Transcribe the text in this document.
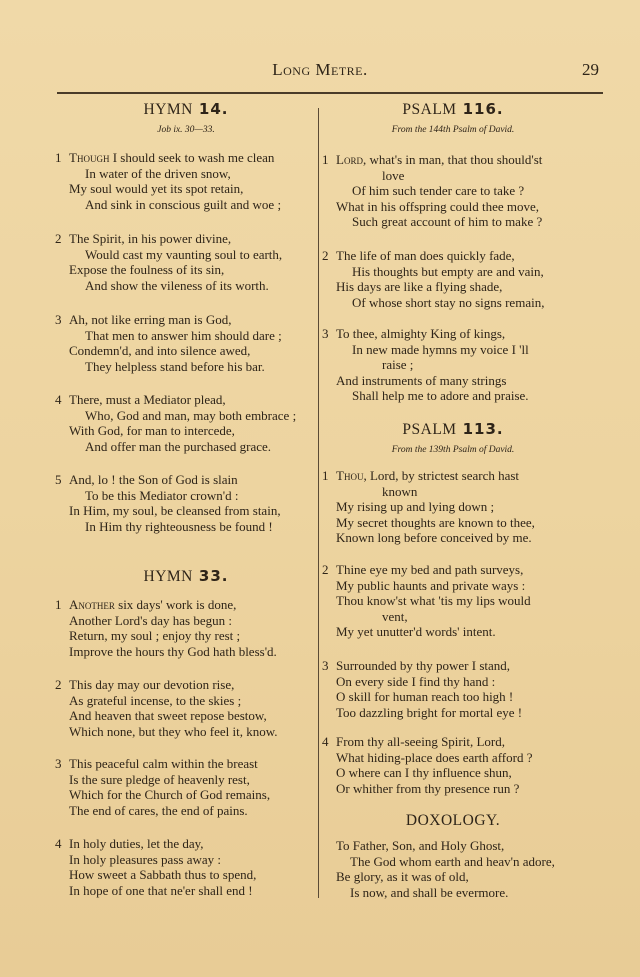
Long Metre.	29

HYMN 14.

Job ix. 30—33.

1 Though I should seek to wash me clean
In water of the driven snow,
My soul would yet its spot retain,
And sink in conscious guilt and woe ;
2 The Spirit, in his power divine,
Would cast my vaunting soul to earth,
Expose the foulness of its sin,
And show the vileness of its worth.
3 Ah, not like erring man is God,
That men to answer him should dare ;
Condemn'd, and into silence awed,
They helpless stand before his bar.
4 There, must a Mediator plead,
Who, God and man, may both embrace ;
With God, for man to intercede,
And offer man the purchased grace.
5 And, lo ! the Son of God is slain
To be this Mediator crown'd :
In Him, my soul, be cleansed from stain,
In Him thy righteousness be found !

HYMN 33.

1 Another six days' work is done,
Another Lord's day has begun :
Return, my soul ; enjoy thy rest ;
Improve the hours thy God hath bless'd.
2 This day may our devotion rise,
As grateful incense, to the skies ;
And heaven that sweet repose bestow,
Which none, but they who feel it, know.
3 This peaceful calm within the breast
Is the sure pledge of heavenly rest,
Which for the Church of God remains,
The end of cares, the end of pains.
4 In holy duties, let the day,
In holy pleasures pass away :
How sweet a Sabbath thus to spend,
In hope of one that ne'er shall end !

PSALM 116.

From the 144th Psalm of David.

1 Lord, what's in man, that thou should'st
love
Of him such tender care to take ?
What in his offspring could thee move,
Such great account of him to make ?
2 The life of man does quickly fade,
His thoughts but empty are and vain,
His days are like a flying shade,
Of whose short stay no signs remain,
3 To thee, almighty King of kings,
In new made hymns my voice I 'll
raise ;
And instruments of many strings
Shall help me to adore and praise.

PSALM 113.

From the 139th Psalm of David.

1 Thou, Lord, by strictest search hast
known
My rising up and lying down ;
My secret thoughts are known to thee,
Known long before conceived by me.
2 Thine eye my bed and path surveys,
My public haunts and private ways :
Thou know'st what 'tis my lips would
vent,
My yet unutter'd words' intent.
3 Surrounded by thy power I stand,
On every side I find thy hand :
O skill for human reach too high !
Too dazzling bright for mortal eye !
4 From thy all-seeing Spirit, Lord,
What hiding-place does earth afford ?
O where can I thy influence shun,
Or whither from thy presence run ?

DOXOLOGY.

To Father, Son, and Holy Ghost,
The God whom earth and heav'n adore,
Be glory, as it was of old,
Is now, and shall be evermore.
